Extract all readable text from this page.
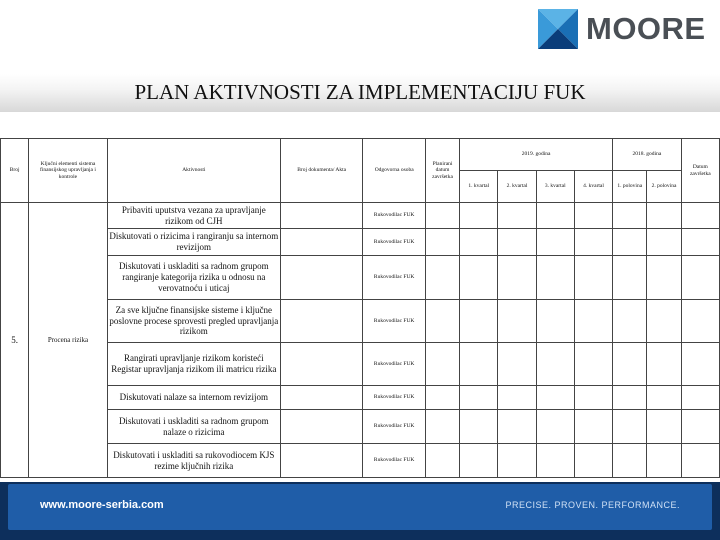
MOORE
PLAN AKTIVNOSTI ZA IMPLEMENTACIJU FUK
Broj	Ključni elementi sistema finansijskog upravljanja i kontrole	Aktivnosti	Broj dokumenta/ Akta	Odgovorna osoba	Planirani datum završetka	2019. godina				2018. godina		Datum završetka
						1. kvartal	2. kvartal	3. kvartal	4. kvartal	1. polovina	2. polovina	
5.	Procena rizika	Pribaviti uputstva vezana za upravljanje rizikom od CJH		Rukovodilac FUK								
		Diskutovati o rizicima i rangiranju sa internom revizijom		Rukovodilac FUK								
		Diskutovati i uskladiti sa radnom grupom rangiranje kategorija rizika u odnosu na verovatnoću i uticaj		Rukovodilac FUK								
		Za sve ključne finansijske sisteme i ključne poslovne procese sprovesti pregled upravljanja rizikom		Rukovodilac FUK								
		Rangirati upravljanje rizikom koristeći Registar upravljanja rizikom ili matricu rizika		Rukovodilac FUK								
		Diskutovati nalaze sa internom revizijom		Rukovodilac FUK								
		Diskutovati i uskladiti sa radnom grupom nalaze o rizicima		Rukovodilac FUK								
		Diskutovati i uskladiti sa rukovodiocem KJS rezime ključnih rizika		Rukovodilac FUK								
www.moore-serbia.com	PRECISE. PROVEN. PERFORMANCE.
